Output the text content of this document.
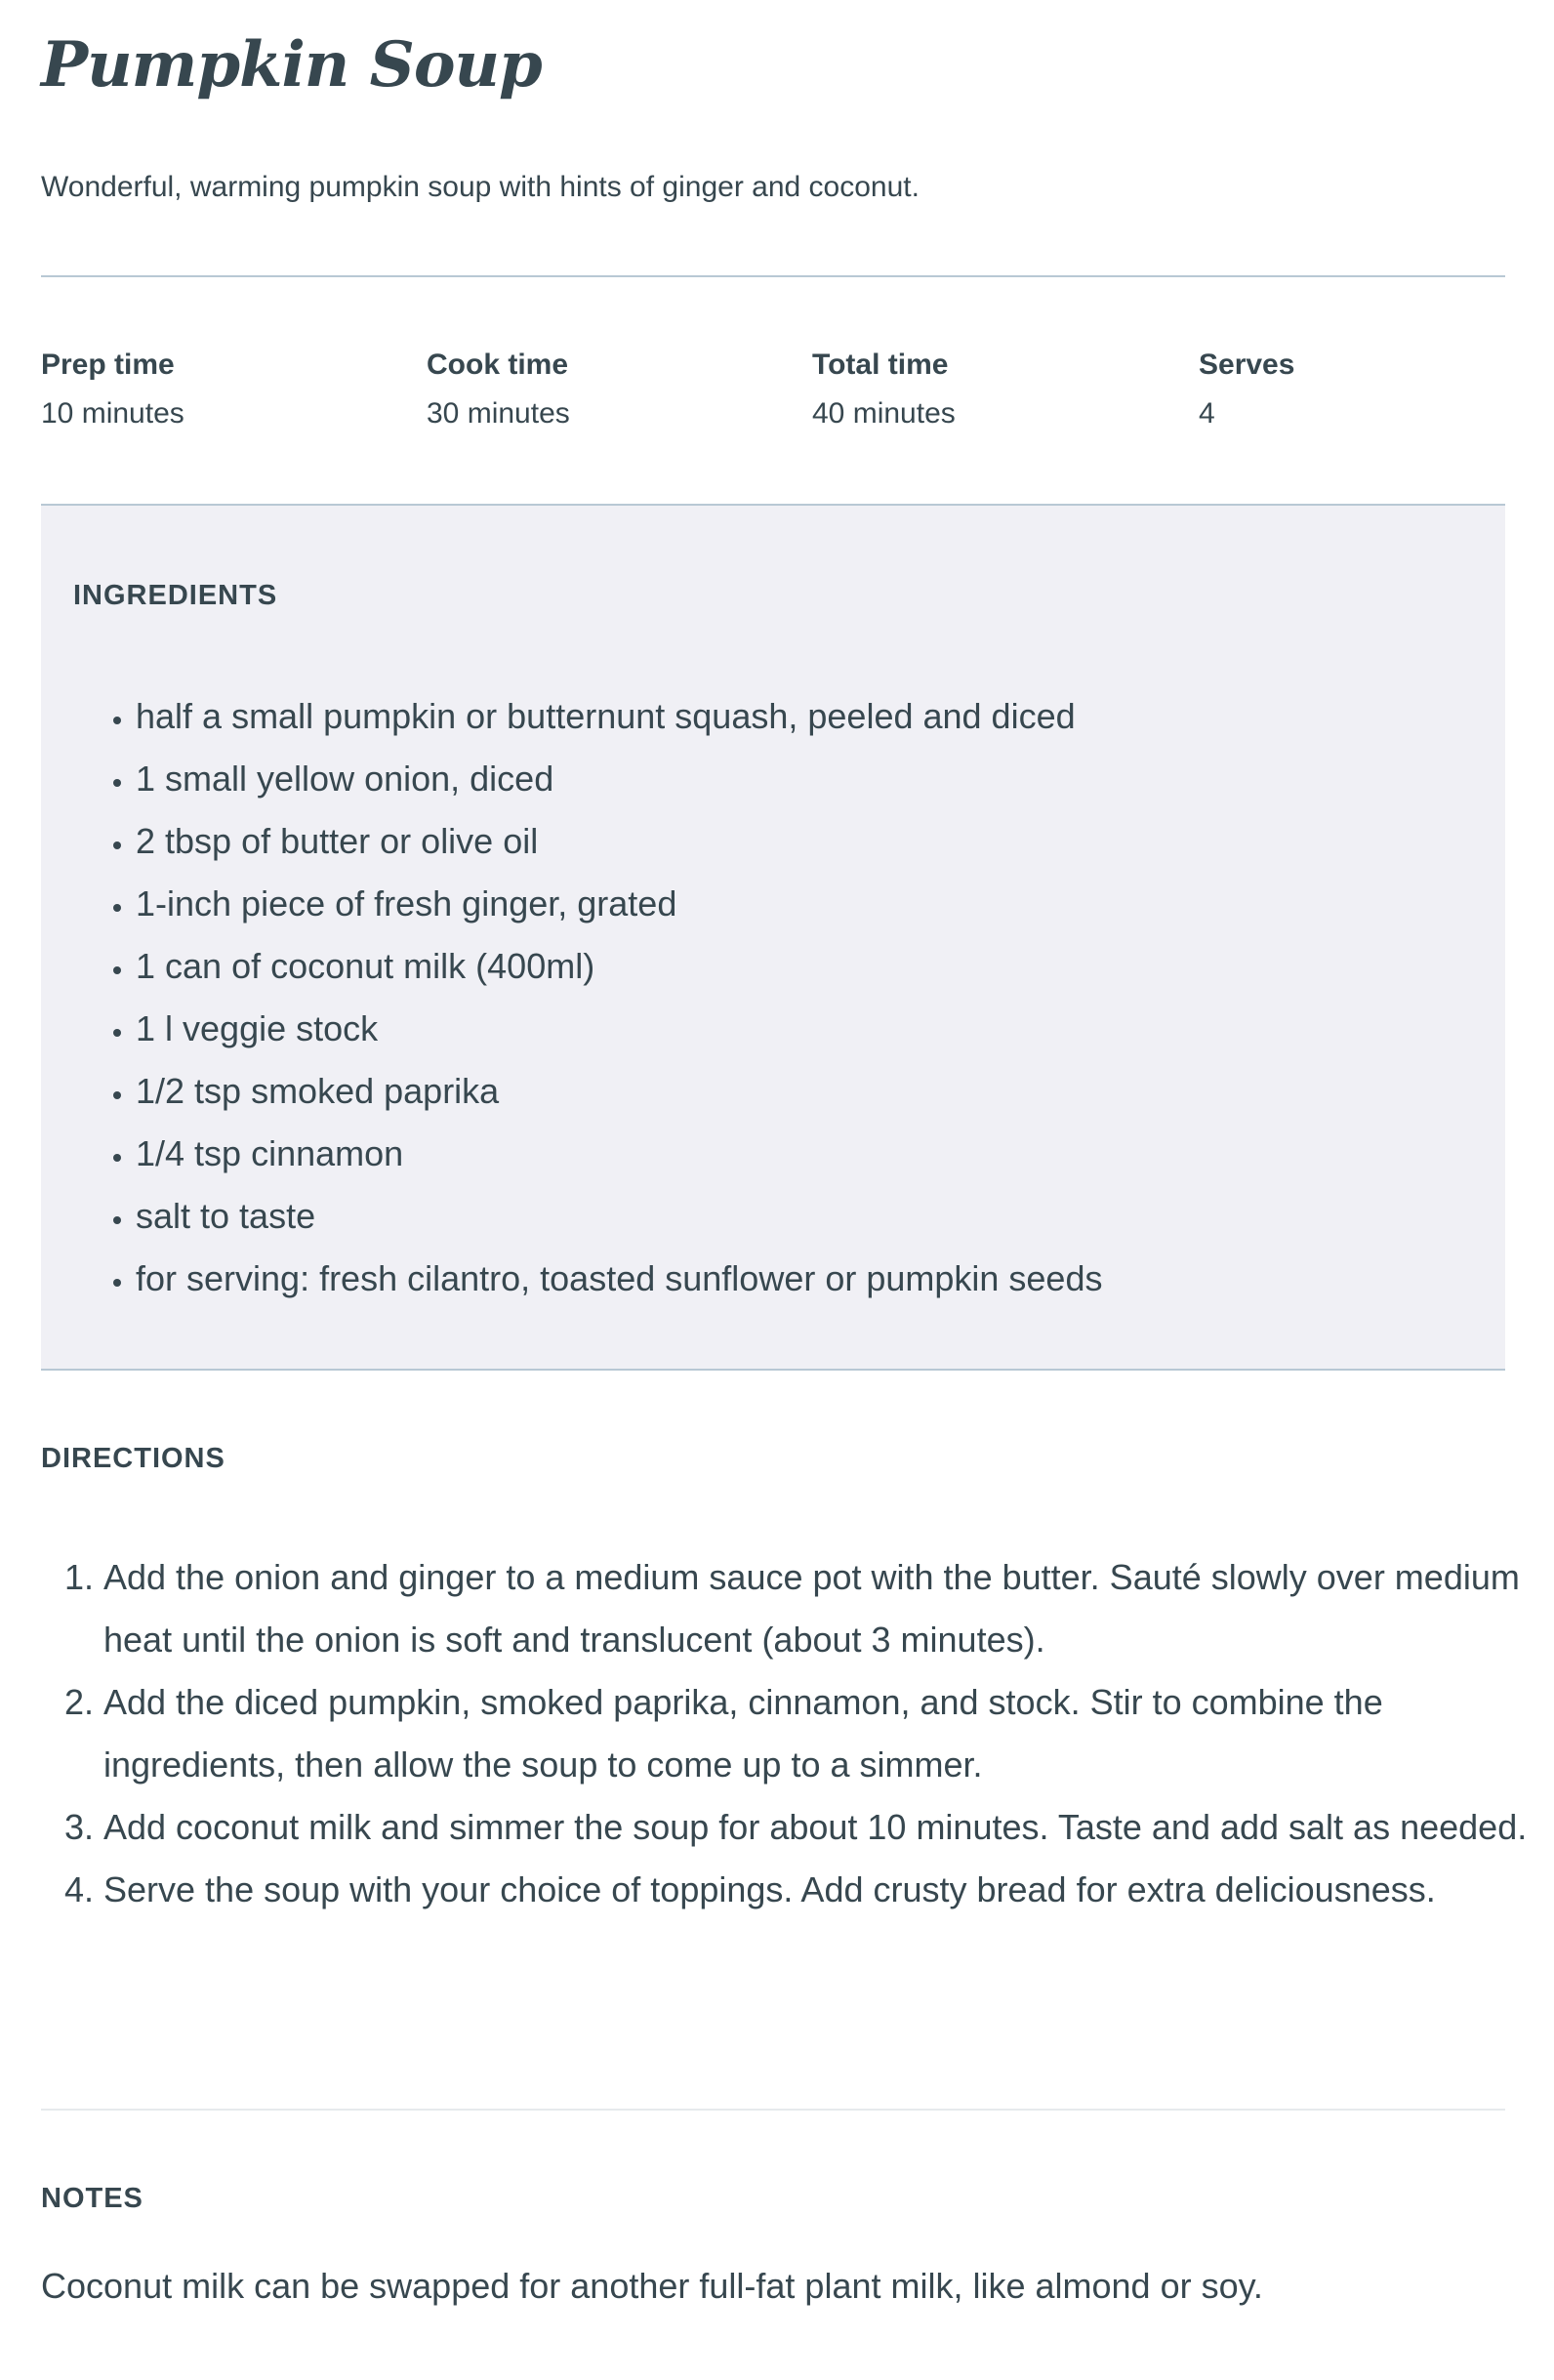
Pumpkin Soup

Wonderful, warming pumpkin soup with hints of ginger and coconut.

Prep time
10 minutes
Cook time
30 minutes
Total time
40 minutes
Serves
4
INGREDIENTS
• half a small pumpkin or butternunt squash, peeled and diced
• 1 small yellow onion, diced
• 2 tbsp of butter or olive oil
• 1-inch piece of fresh ginger, grated
• 1 can of coconut milk (400ml)
• 1 l veggie stock
• 1/2 tsp smoked paprika
• 1/4 tsp cinnamon
• salt to taste
• for serving: fresh cilantro, toasted sunflower or pumpkin seeds
DIRECTIONS
1. Add the onion and ginger to a medium sauce pot with the butter. Sauté slowly over medium heat until the onion is soft and translucent (about 3 minutes).
2. Add the diced pumpkin, smoked paprika, cinnamon, and stock. Stir to combine the ingredients, then allow the soup to come up to a simmer.
3. Add coconut milk and simmer the soup for about 10 minutes. Taste and add salt as needed.
4. Serve the soup with your choice of toppings. Add crusty bread for extra deliciousness.
NOTES

Coconut milk can be swapped for another full-fat plant milk, like almond or soy.
